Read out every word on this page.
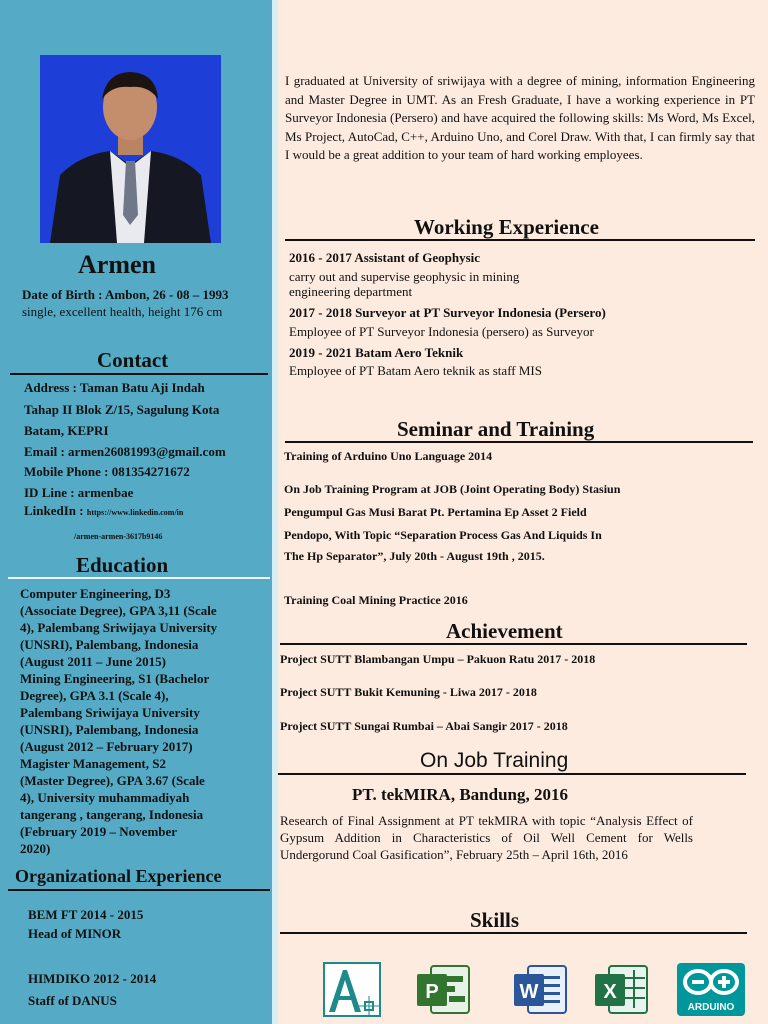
Armen
Date of Birth : Ambon, 26 - 08 – 1993
single, excellent health, height 176 cm
Contact
Address : Taman Batu Aji Indah
Tahap II Blok Z/15, Sagulung Kota
Batam, KEPRI
Email : armen26081993@gmail.com
Mobile Phone : 081354271672
ID Line : armenbae
LinkedIn : https://www.linkedin.com/in
/armen-armen-3617b9146
Education
Computer Engineering, D3
(Associate Degree), GPA 3,11 (Scale
4), Palembang Sriwijaya University
(UNSRI), Palembang, Indonesia
(August 2011 – June 2015)
Mining Engineering, S1 (Bachelor
Degree), GPA 3.1 (Scale 4),
Palembang Sriwijaya University
(UNSRI), Palembang, Indonesia
(August 2012 – February 2017)
Magister Management, S2
(Master Degree), GPA 3.67 (Scale
4), University muhammadiyah
tangerang , tangerang, Indonesia
(February 2019 – November
2020)
Organizational Experience
BEM FT 2014 - 2015
Head of MINOR
HIMDIKO 2012 - 2014
Staff of DANUS
I graduated at University of sriwijaya with a degree of mining, information Engineering and Master Degree in UMT. As an Fresh Graduate, I have a working experience in PT Surveyor Indonesia (Persero) and have acquired the following skills: Ms Word, Ms Excel, Ms Project, AutoCad, C++, Arduino Uno, and Corel Draw. With that, I can firmly say that I would be a great addition to your team of hard working employees.
Working Experience
2016 - 2017 Assistant of Geophysic
carry out and supervise geophysic in mining
engineering department
2017 - 2018 Surveyor at PT Surveyor Indonesia (Persero)
Employee of PT Surveyor Indonesia (persero) as Surveyor
2019 - 2021 Batam Aero Teknik
Employee of PT Batam Aero teknik as staff MIS
Seminar and Training
Training of Arduino Uno Language 2014
On Job Training Program at JOB (Joint Operating Body) Stasiun
Pengumpul Gas Musi Barat Pt. Pertamina Ep Asset 2 Field
Pendopo, With Topic “Separation Process Gas And Liquids In
The Hp Separator”, July 20th - August 19th , 2015.
Training Coal Mining Practice 2016
Achievement
Project SUTT Blambangan Umpu – Pakuon Ratu 2017 - 2018
Project SUTT Bukit Kemuning - Liwa 2017 - 2018
Project SUTT Sungai Rumbai – Abai Sangir 2017 - 2018
On Job Training
PT. tekMIRA, Bandung, 2016
Research of Final Assignment at PT tekMIRA with topic “Analysis Effect of Gypsum Addition in Characteristics of Oil Well Cement for Wells Undergorund Coal Gasification”, February 25th – April 16th, 2016
Skills
P	W	X
ARDUINO
